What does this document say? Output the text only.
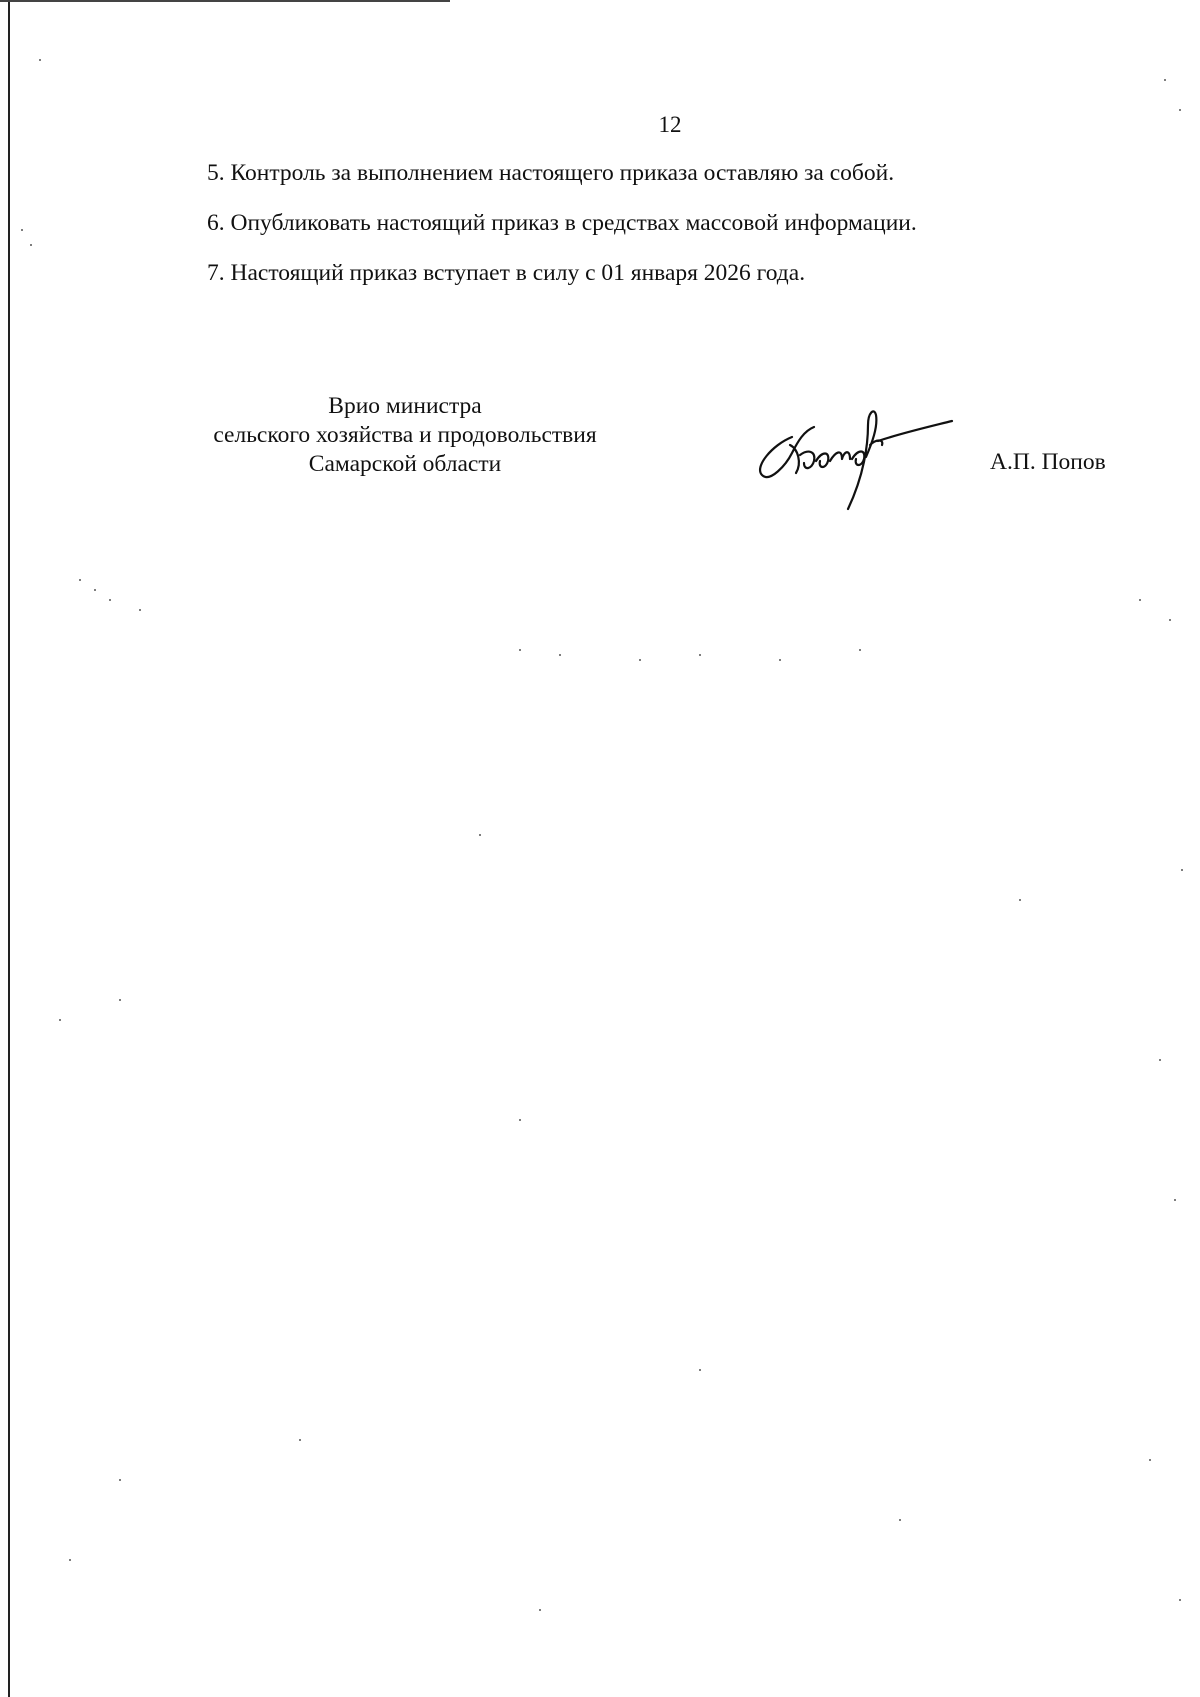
12
5. Контроль за выполнением настоящего приказа оставляю за собой.
6. Опубликовать настоящий приказ в средствах массовой информации.
7. Настоящий приказ вступает в силу с 01 января 2026 года.
Врио министра
сельского хозяйства и продовольствия
Самарской области	А.П. Попов
